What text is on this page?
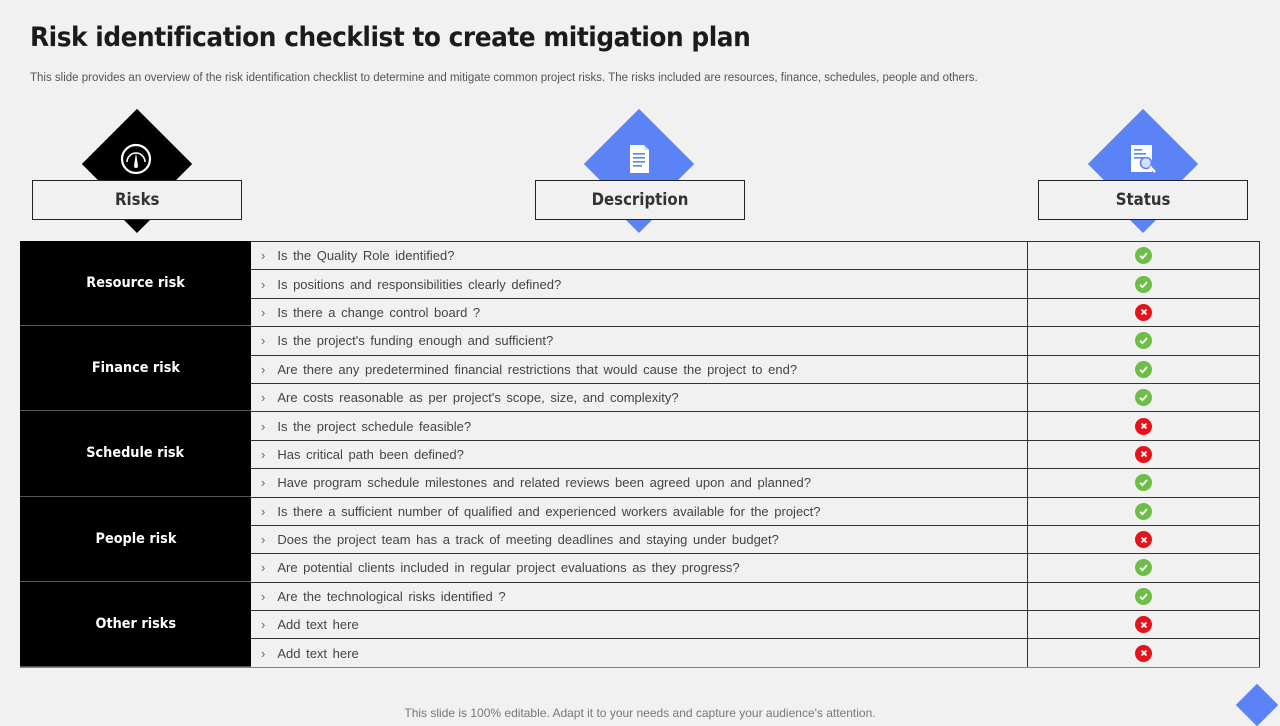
Risk identification checklist to create mitigation plan
This slide provides an overview of the risk identification checklist to determine and mitigate common project risks. The risks included are resources, finance, schedules, people and others.
Risks	Description	Status
Resource risk
› Is the Quality Role identified?
› Is positions and responsibilities clearly defined?
› Is there a change control board ?
Finance risk
› Is the project's funding enough and sufficient?
› Are there any predetermined financial restrictions that would cause the project to end?
› Are costs reasonable as per project's scope, size, and complexity?
Schedule risk
› Is the project schedule feasible?
› Has critical path been defined?
› Have program schedule milestones and related reviews been agreed upon and planned?
People risk
› Is there a sufficient number of qualified and experienced workers available for the project?
› Does the project team has a track of meeting deadlines and staying under budget?
› Are potential clients included in regular project evaluations as they progress?
Other risks
› Are the technological risks identified ?
› Add text here
› Add text here
This slide is 100% editable. Adapt it to your needs and capture your audience's attention.
